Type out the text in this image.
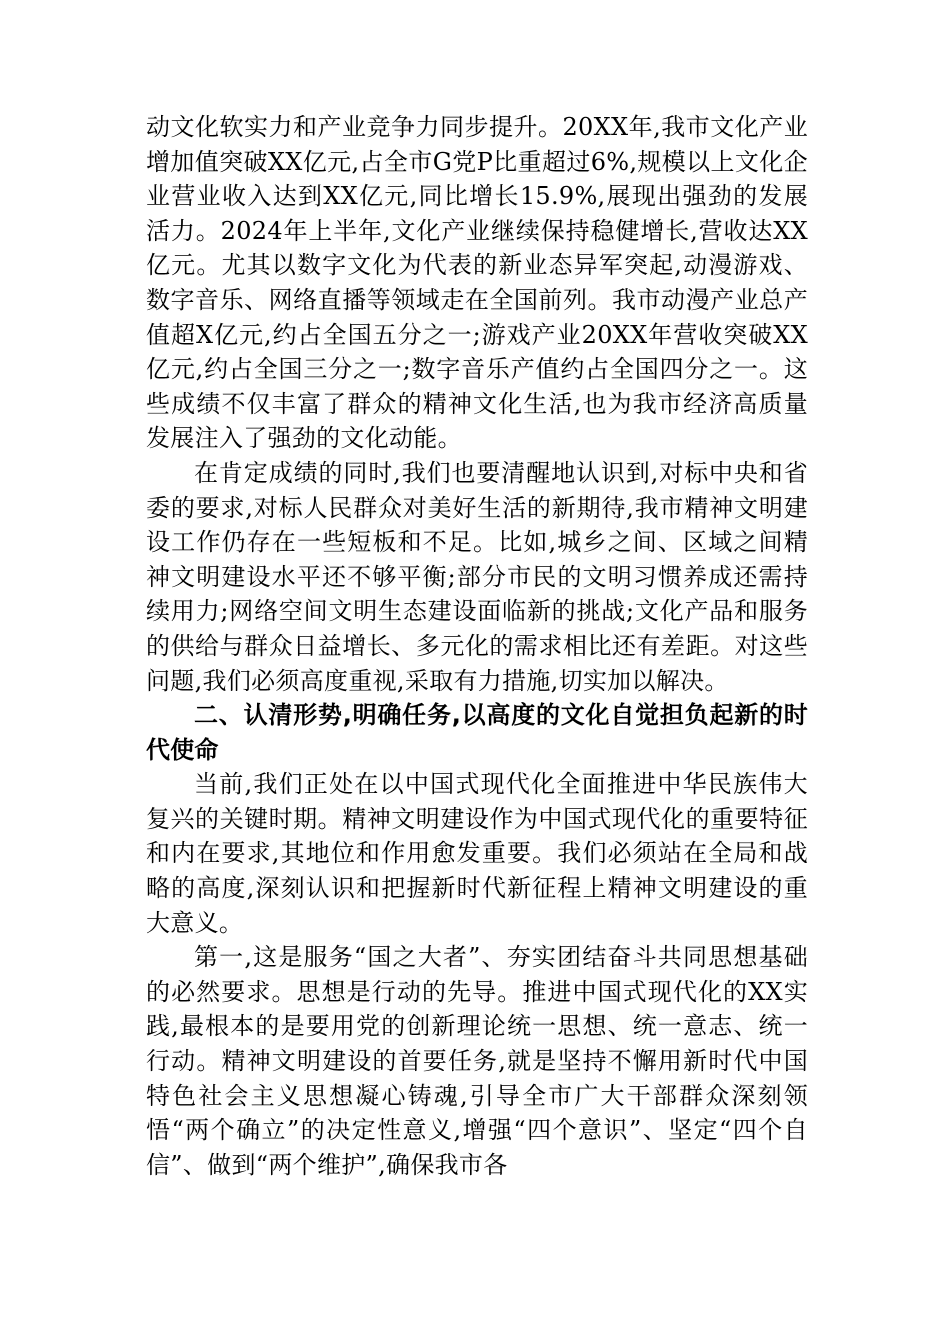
动文化软实力和产业竞争力同步提升。20XX年,我市文化产业增加值突破XX亿元,占全市G党P比重超过6%,规模以上文化企业营业收入达到XX亿元,同比增长15.9%,展现出强劲的发展活力。2024年上半年,文化产业继续保持稳健增长,营收达XX亿元。尤其以数字文化为代表的新业态异军突起,动漫游戏、数字音乐、网络直播等领域走在全国前列。我市动漫产业总产值超X亿元,约占全国五分之一;游戏产业20XX年营收突破XX亿元,约占全国三分之一;数字音乐产值约占全国四分之一。这些成绩不仅丰富了群众的精神文化生活,也为我市经济高质量发展注入了强劲的文化动能。

在肯定成绩的同时,我们也要清醒地认识到,对标中央和省委的要求,对标人民群众对美好生活的新期待,我市精神文明建设工作仍存在一些短板和不足。比如,城乡之间、区域之间精神文明建设水平还不够平衡;部分市民的文明习惯养成还需持续用力;网络空间文明生态建设面临新的挑战;文化产品和服务的供给与群众日益增长、多元化的需求相比还有差距。对这些问题,我们必须高度重视,采取有力措施,切实加以解决。

二、认清形势,明确任务,以高度的文化自觉担负起新的时代使命

当前,我们正处在以中国式现代化全面推进中华民族伟大复兴的关键时期。精神文明建设作为中国式现代化的重要特征和内在要求,其地位和作用愈发重要。我们必须站在全局和战略的高度,深刻认识和把握新时代新征程上精神文明建设的重大意义。

第一,这是服务“国之大者”、夯实团结奋斗共同思想基础的必然要求。思想是行动的先导。推进中国式现代化的XX实践,最根本的是要用党的创新理论统一思想、统一意志、统一行动。精神文明建设的首要任务,就是坚持不懈用新时代中国特色社会主义思想凝心铸魂,引导全市广大干部群众深刻领悟“两个确立”的决定性意义,增强“四个意识”、坚定“四个自信”、做到“两个维护”,确保我市各
